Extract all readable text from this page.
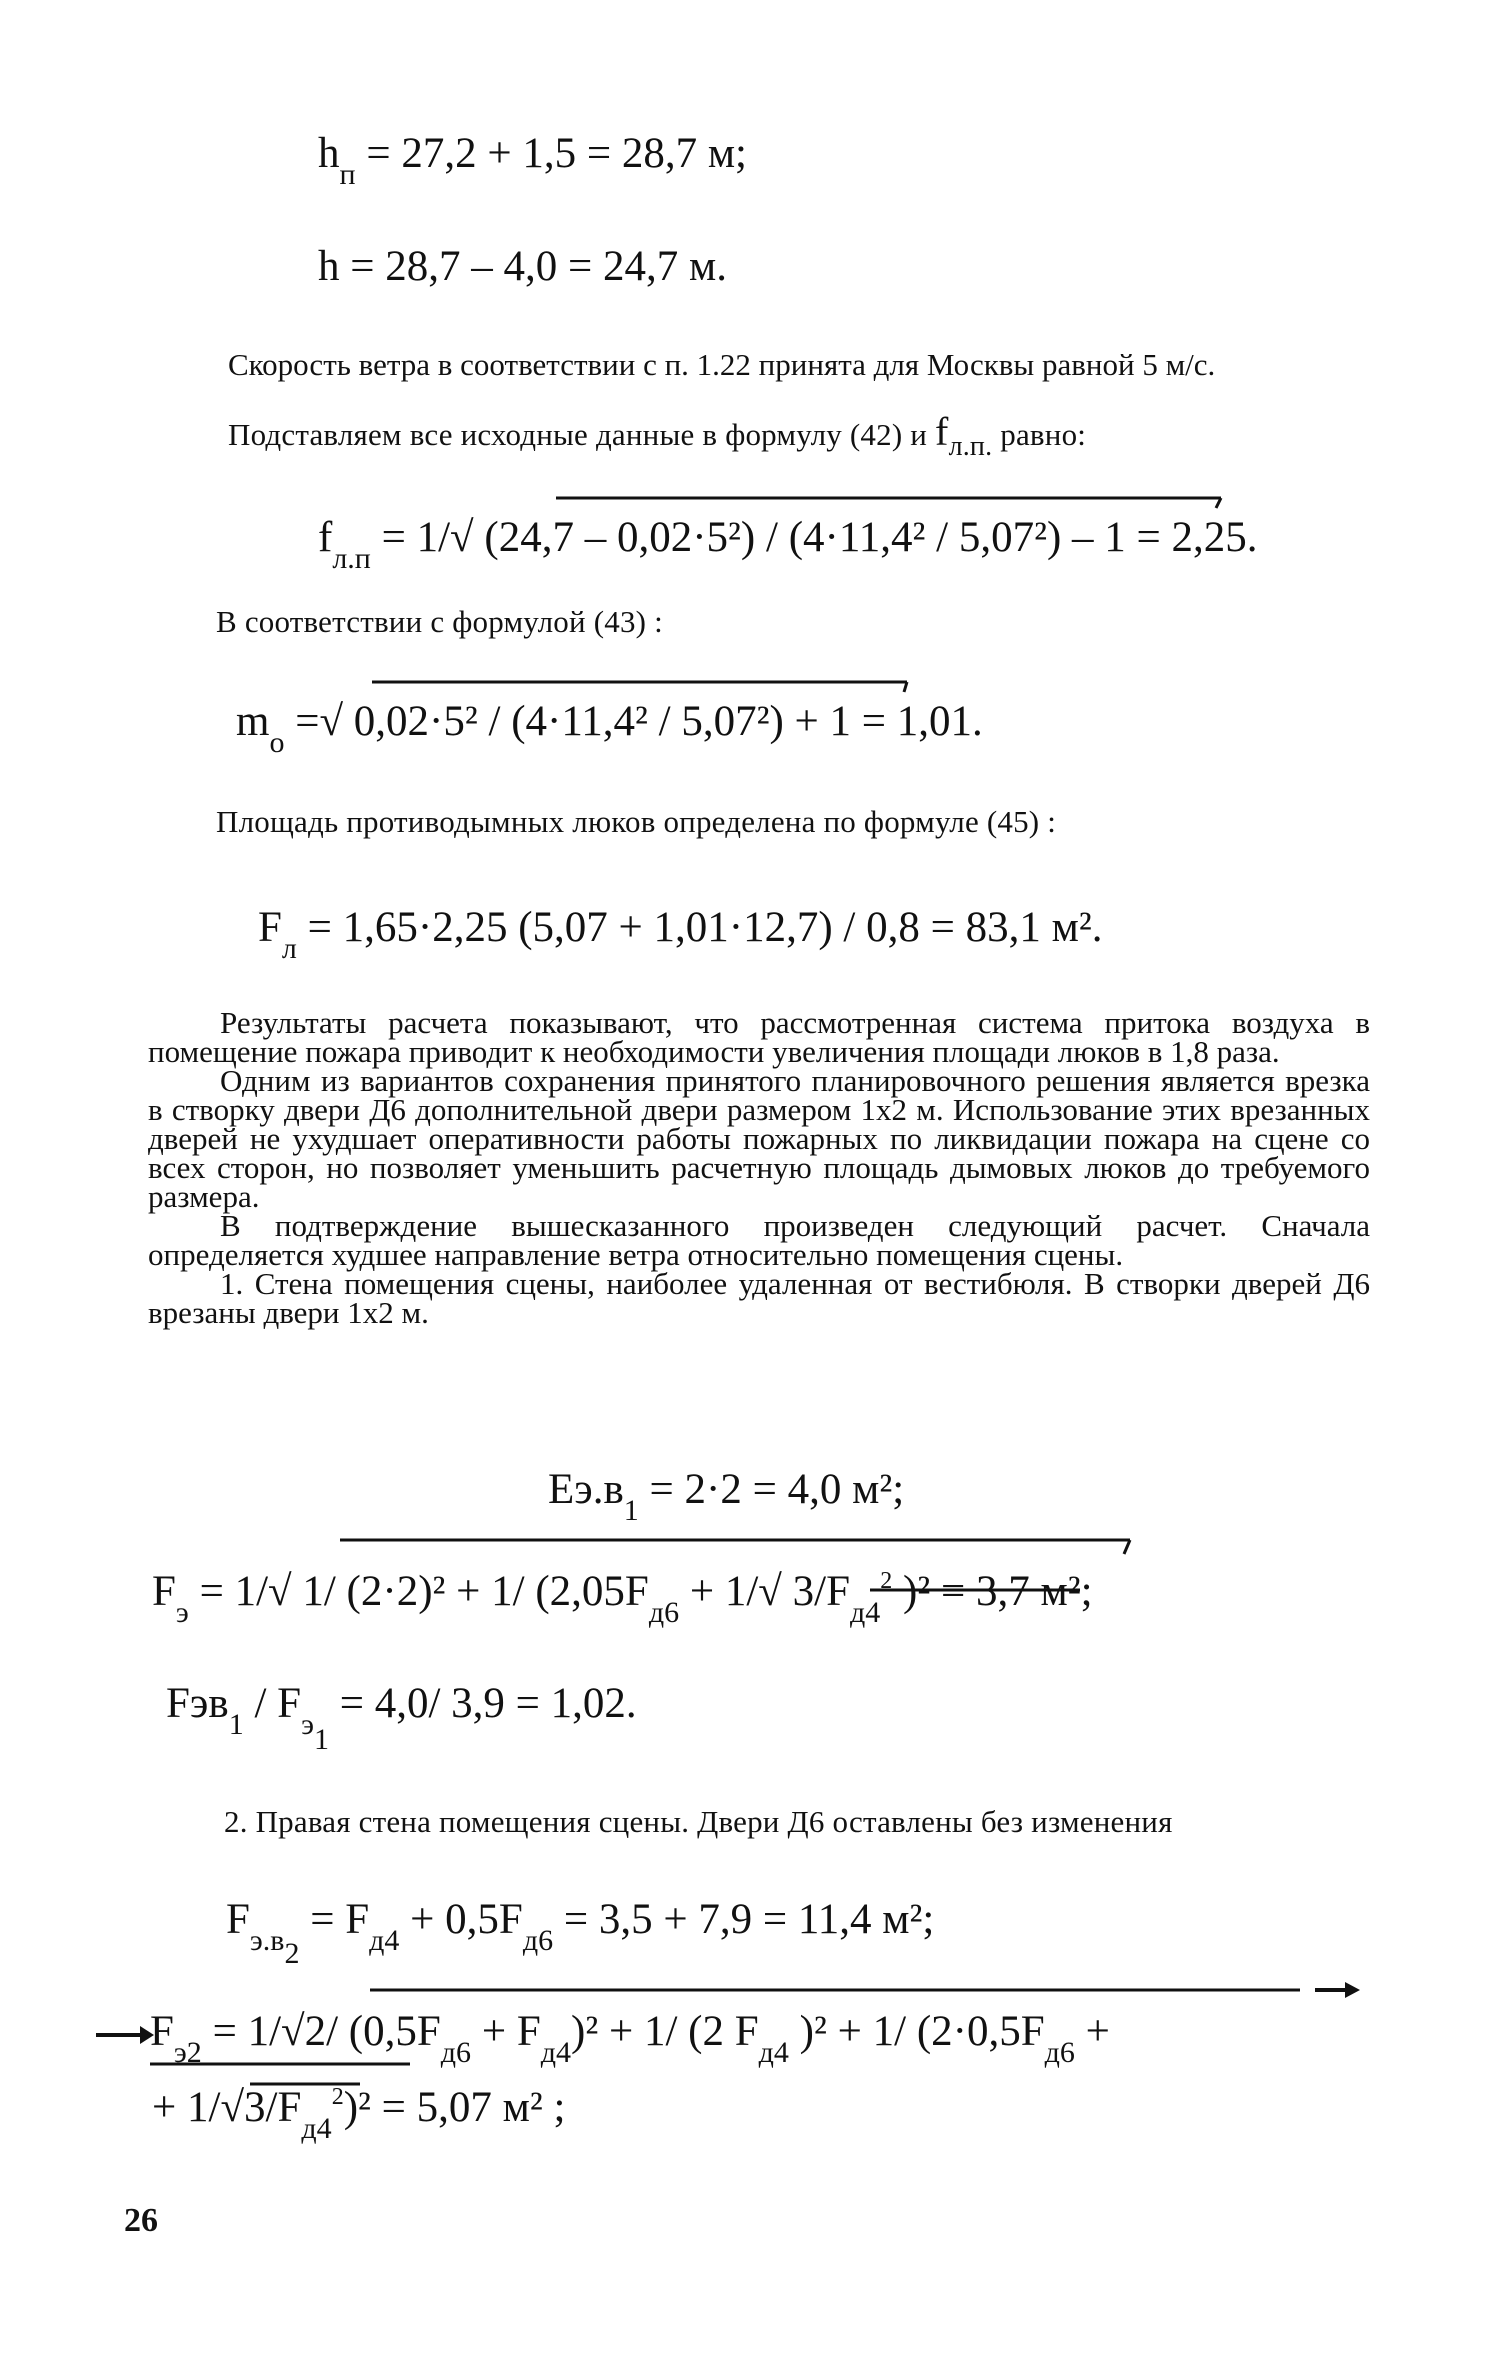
$h_п = 27,2 + 1,5 = 28,7$ м;
h = 28,7 – 4,0 = 24,7 м.

Скорость ветра в соответствии с п. 1.22 принята для Москвы равной 5 м/с.

Подставляем все исходные данные в формулу (42) и fл.п. равно:
$f_{л.п} = 1/√$ (24,7 – 0,02·5²) / (4·11,4² / 5,07²) – 1 = 2,25.
В соответствии с формулой (43) :
$m_о$ =√ 0,02·5² / (4·11,4² / 5,07²) + 1 = 1,01.
Площадь противодымных люков определена по формуле (45) :
$F_л = 1,65\cdot 2,25$ (5,07 + 1,01·12,7) / 0,8 = 83,1 м².

Результаты расчета показывают, что рассмотренная система притока воздуха в помещение пожара приводит к необходимости увеличения площади люков в 1,8 раза.

Одним из вариантов сохранения принятого планировочного решения является врезка в створку двери Д6 дополнительной двери размером 1х2 м. Использование этих врезанных дверей не ухудшает оперативности работы пожарных по ликвидации пожара на сцене со всех сторон, но позволяет уменьшить расчетную площадь дымовых люков до требуемого размера.

В подтверждение вышесказанного произведен следующий расчет. Сначала определяется худшее направление ветра относительно помещения сцены.

1. Стена помещения сцены, наиболее удаленная от вестибюля. В створки дверей Д6 врезаны двери 1х2 м.

$Еэ.в_1 = 2\cdot 2 = 4,0$ м²;
$F_э = 1/√$ 1/ (2·2)² + 1/ ($2,05F_{д6} + 1/√$ $3/F_{д4}^2$ )² = 3,7 м²;
$Fэв_1 / F_{э1} = 4,0/$ 3,9 = 1,02.
2. Правая стена помещения сцены. Двери Д6 оставлены без изменения
$F_{э.в2} = F_{д4} + 0,5F_{д6} = 3,5 + 7,9 = 11,4$ м²;
$F_{э2} = 1/√2/$ $(0,5F_{д6} + F_{д4})^2 + 1/$ (2 $F_{д4}$ )² + 1/ ($2\cdot 0,5F_{д6}$ +
+ $1/√3/F_{д4}^2)^2 = 5,07$ м² ;
26
